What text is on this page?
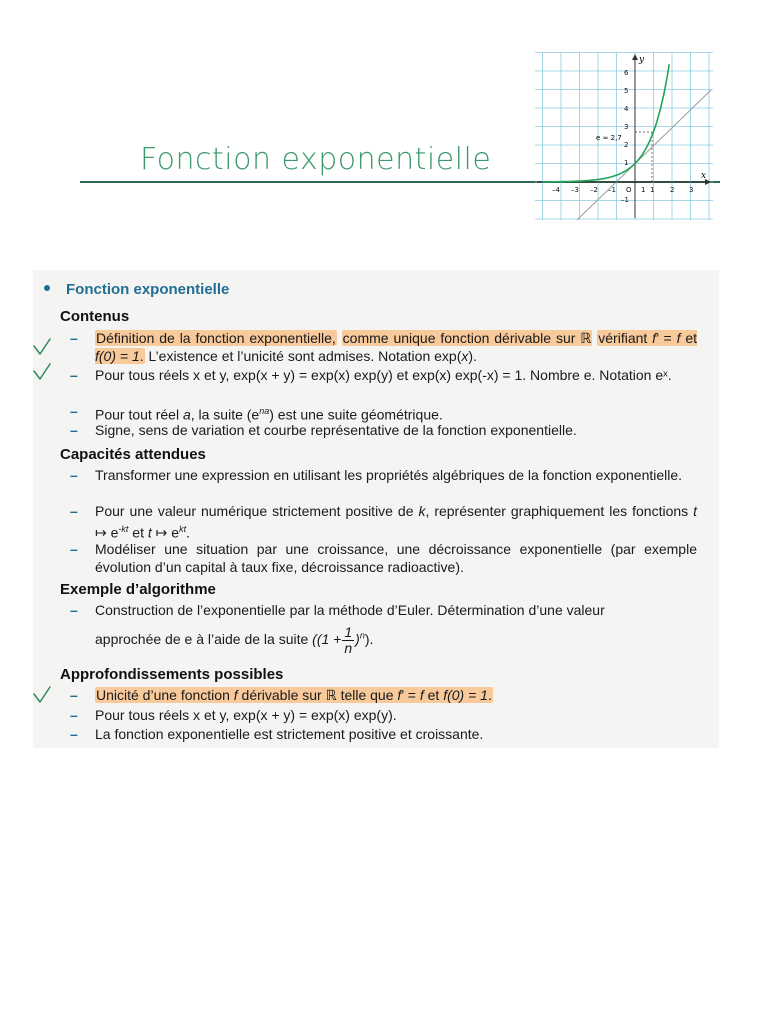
Fonction exponentielle
y
x
e ≈ 2,7
–4 –3 –2 –1 O 1 1 2 3
6
5
4
3
2
1
–1
Fonction exponentielle
Contenus
– Définition de la fonction exponentielle, comme unique fonction dérivable sur ℝ vérifiant f’ = f et f(0) = 1. L’existence et l’unicité sont admises. Notation exp(x).
– Pour tous réels x et y, exp(x + y) = exp(x) exp(y) et exp(x) exp(-x) = 1. Nombre e. Notation eˣ.
– Pour tout réel a, la suite $(e^{na})$ est une suite géométrique.
– Signe, sens de variation et courbe représentative de la fonction exponentielle.
Capacités attendues
– Transformer une expression en utilisant les propriétés algébriques de la fonction exponentielle.
– Pour une valeur numérique strictement positive de k, représenter graphiquement les fonctions t ↦ $e^{-kt}$ et t ↦ $e^{kt}$.
– Modéliser une situation par une croissance, une décroissance exponentielle (par exemple évolution d’un capital à taux fixe, décroissance radioactive).
Exemple d’algorithme
– Construction de l’exponentielle par la méthode d’Euler. Détermination d’une valeur
approchée de e à l’aide de la suite $((1 + \frac{1}{n} )^n)$.
Approfondissements possibles
– Unicité d’une fonction f dérivable sur ℝ telle que f’ = f et f(0) = 1.
– Pour tous réels x et y, exp(x + y) = exp(x) exp(y).
– La fonction exponentielle est strictement positive et croissante.
